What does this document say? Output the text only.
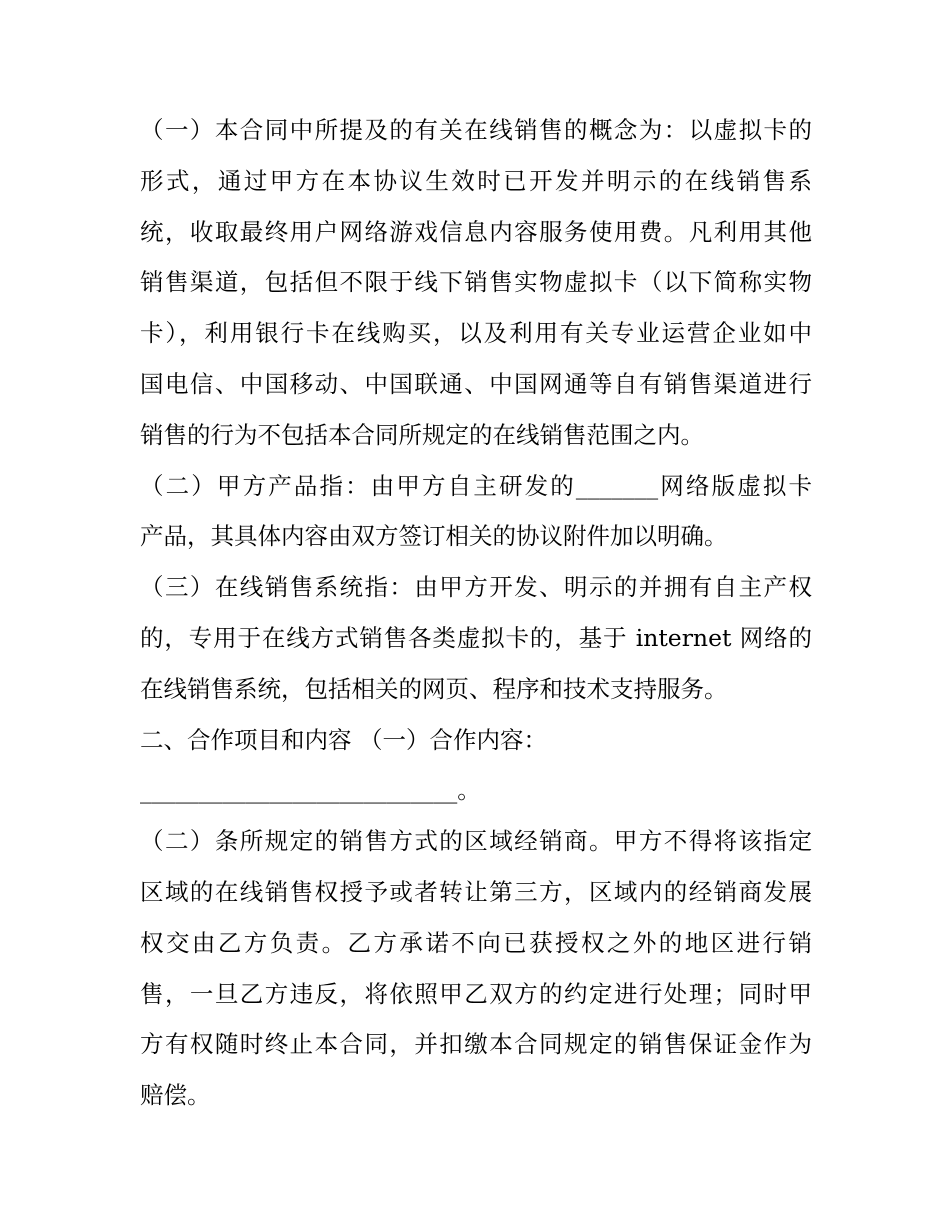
（一）本合同中所提及的有关在线销售的概念为：以虚拟卡的
形式，通过甲方在本协议生效时已开发并明示的在线销售系
统，收取最终用户网络游戏信息内容服务使用费。凡利用其他
销售渠道，包括但不限于线下销售实物虚拟卡（以下简称实物
卡），利用银行卡在线购买，以及利用有关专业运营企业如中
国电信、中国移动、中国联通、中国网通等自有销售渠道进行
销售的行为不包括本合同所规定的在线销售范围之内。
（二）甲方产品指：由甲方自主研发的_______网络版虚拟卡
产品，其具体内容由双方签订相关的协议附件加以明确。
（三）在线销售系统指：由甲方开发、明示的并拥有自主产权
的，专用于在线方式销售各类虚拟卡的，基于 internet 网络的
在线销售系统，包括相关的网页、程序和技术支持服务。
二、合作项目和内容 （一）合作内容：
___________________________。
（二）条所规定的销售方式的区域经销商。甲方不得将该指定
区域的在线销售权授予或者转让第三方，区域内的经销商发展
权交由乙方负责。乙方承诺不向已获授权之外的地区进行销
售，一旦乙方违反，将依照甲乙双方的约定进行处理；同时甲
方有权随时终止本合同，并扣缴本合同规定的销售保证金作为
赔偿。
